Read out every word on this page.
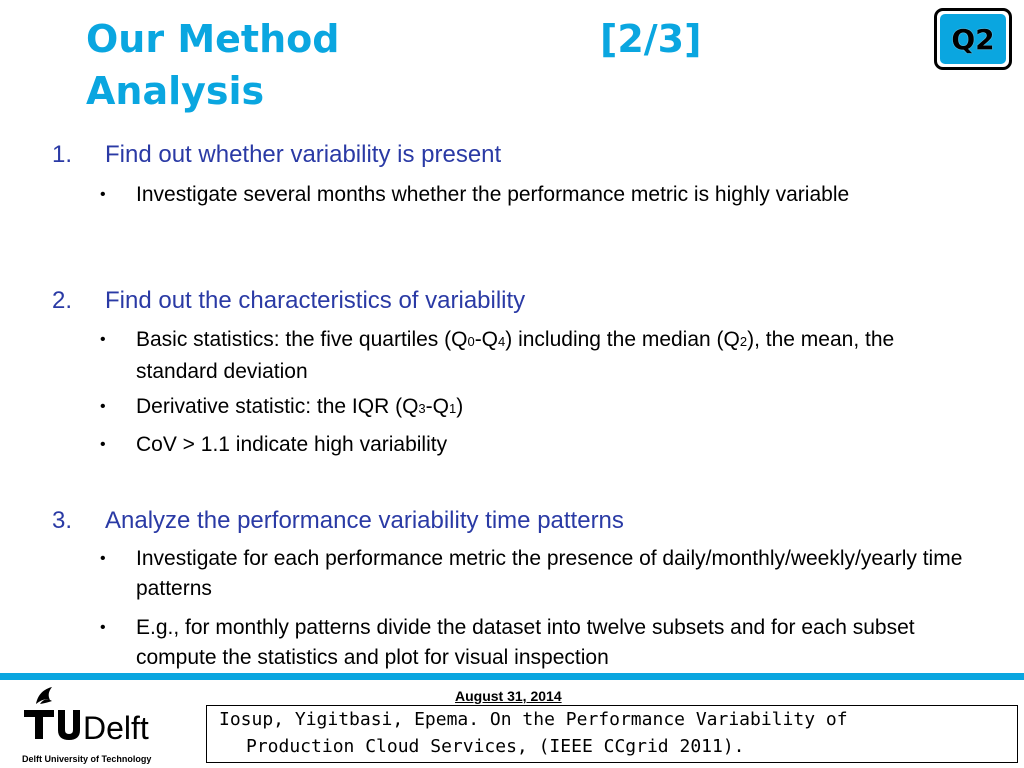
Our Method	[2/3]
Analysis
Q2
1. Find out whether variability is present
• Investigate several months whether the performance metric is highly variable
2. Find out the characteristics of variability
• Basic statistics: the five quartiles (Q0-Q4) including the median (Q2), the mean, the standard deviation
• Derivative statistic: the IQR (Q3-Q1)
• CoV > 1.1 indicate high variability
3. Analyze the performance variability time patterns
• Investigate for each performance metric the presence of daily/monthly/weekly/yearly time patterns
• E.g., for monthly patterns divide the dataset into twelve subsets and for each subset compute the statistics and plot for visual inspection
Delft
Delft University of Technology
August 31, 2014
Iosup, Yigitbasi, Epema. On the Performance Variability of
Production Cloud Services, (IEEE CCgrid 2011).
